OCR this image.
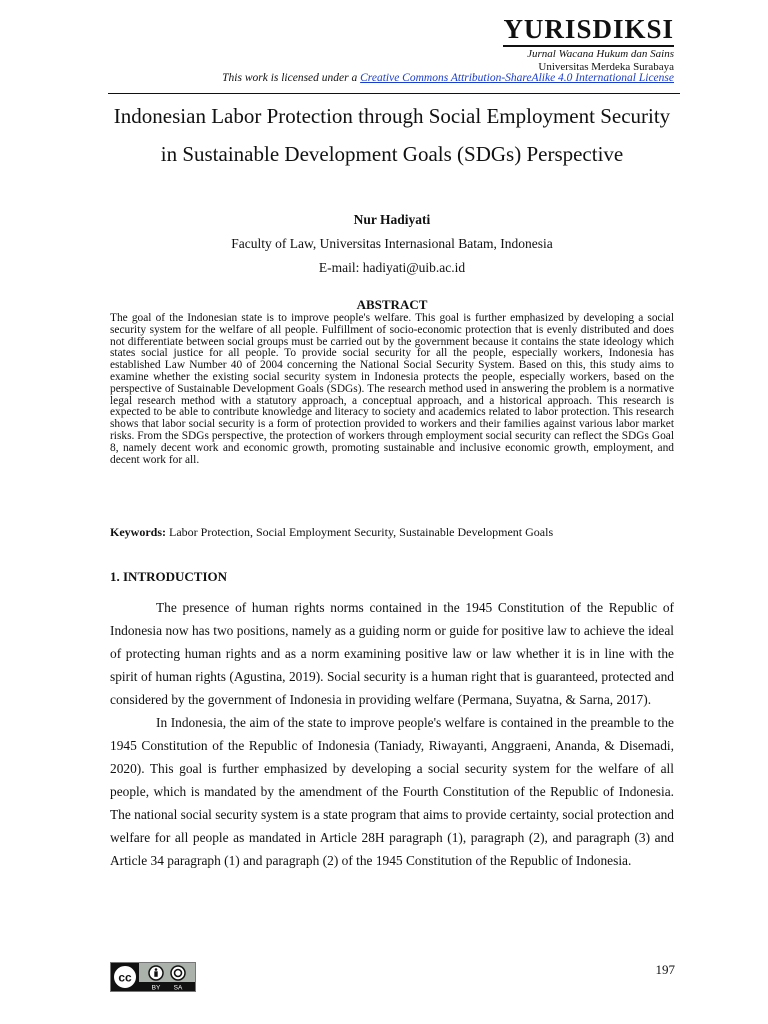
YURISDIKSI
Jurnal Wacana Hukum dan Sains
Universitas Merdeka Surabaya
This work is licensed under a Creative Commons Attribution-ShareAlike 4.0 International License
Indonesian Labor Protection through Social Employment Security in Sustainable Development Goals (SDGs) Perspective
Nur Hadiyati
Faculty of Law, Universitas Internasional Batam, Indonesia
E-mail: hadiyati@uib.ac.id
ABSTRACT
The goal of the Indonesian state is to improve people's welfare. This goal is further emphasized by developing a social security system for the welfare of all people. Fulfillment of socio-economic protection that is evenly distributed and does not differentiate between social groups must be carried out by the government because it contains the state ideology which states social justice for all people. To provide social security for all the people, especially workers, Indonesia has established Law Number 40 of 2004 concerning the National Social Security System. Based on this, this study aims to examine whether the existing social security system in Indonesia protects the people, especially workers, based on the perspective of Sustainable Development Goals (SDGs). The research method used in answering the problem is a normative legal research method with a statutory approach, a conceptual approach, and a historical approach. This research is expected to be able to contribute knowledge and literacy to society and academics related to labor protection. This research shows that labor social security is a form of protection provided to workers and their families against various labor market risks. From the SDGs perspective, the protection of workers through employment social security can reflect the SDGs Goal 8, namely decent work and economic growth, promoting sustainable and inclusive economic growth, employment, and decent work for all.
Keywords: Labor Protection, Social Employment Security, Sustainable Development Goals
1. INTRODUCTION

The presence of human rights norms contained in the 1945 Constitution of the Republic of Indonesia now has two positions, namely as a guiding norm or guide for positive law to achieve the ideal of protecting human rights and as a norm examining positive law or law whether it is in line with the spirit of human rights (Agustina, 2019). Social security is a human right that is guaranteed, protected and considered by the government of Indonesia in providing welfare (Permana, Suyatna, & Sarna, 2017).

In Indonesia, the aim of the state to improve people's welfare is contained in the preamble to the 1945 Constitution of the Republic of Indonesia (Taniady, Riwayanti, Anggraeni, Ananda, & Disemadi, 2020). This goal is further emphasized by developing a social security system for the welfare of all people, which is mandated by the amendment of the Fourth Constitution of the Republic of Indonesia. The national social security system is a state program that aims to provide certainty, social protection and welfare for all people as mandated in Article 28H paragraph (1), paragraph (2), and paragraph (3) and Article 34 paragraph (1) and paragraph (2) of the 1945 Constitution of the Republic of Indonesia.

cc
BY SA
197
